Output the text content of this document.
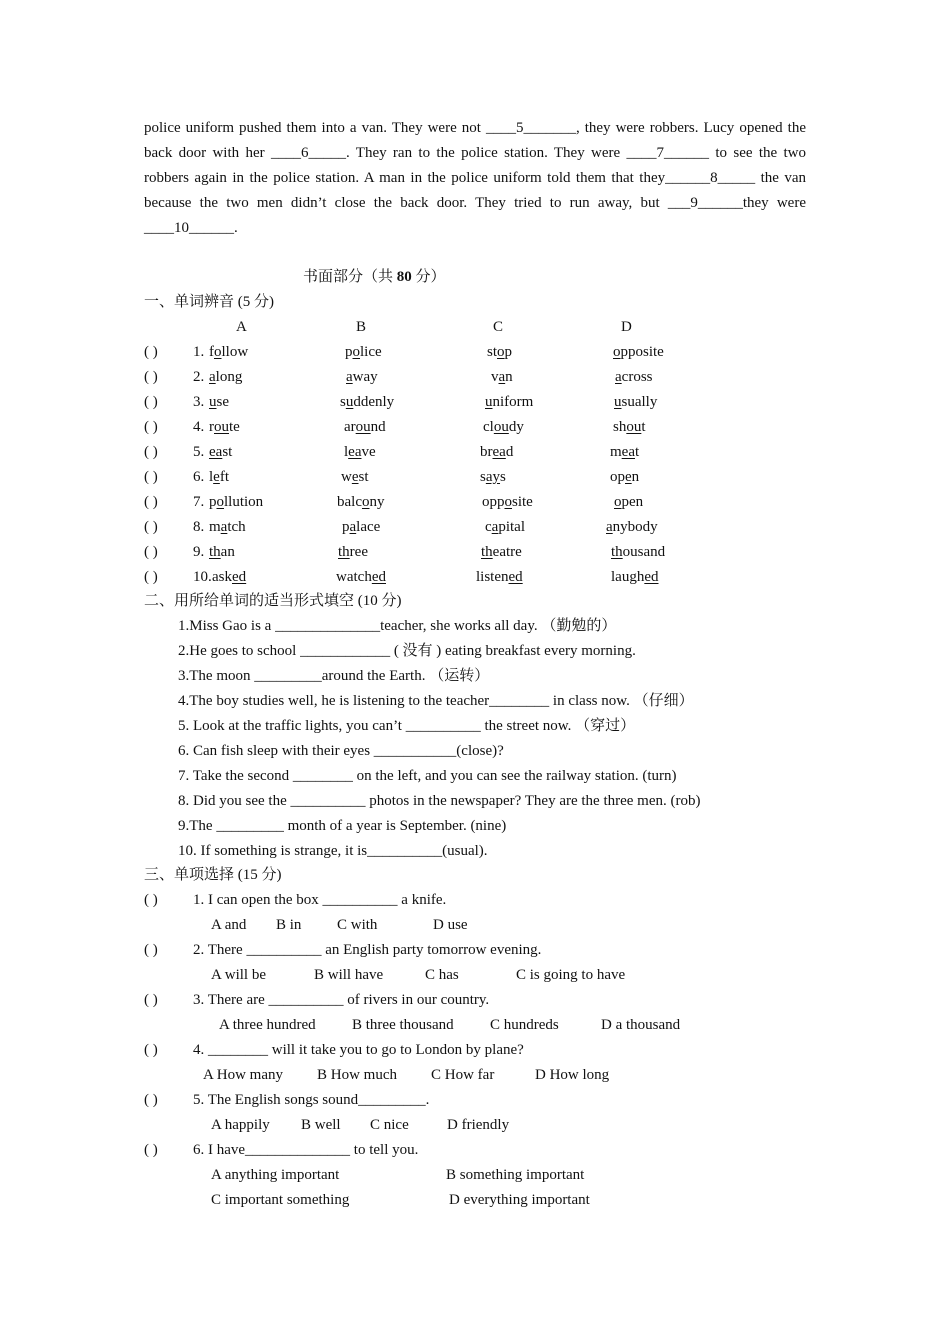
police uniform pushed them into a van. They were not ____5_______, they were robbers. Lucy opened the back door with her ____6_____. They ran to the police station. They were ____7______ to see the two robbers again in the police station. A man in the police uniform told them that they______8_____ the van because the two men didn’t close the back door. They tried to run away, but ___9______they were ____10______.
书面部分（共 80 分）
一、单词辨音 (5 分)
A	B	C	D
( ) 1. follow	police	stop	opposite
( ) 2. along	away	van	across
( ) 3. use	suddenly	uniform	usually
( ) 4. route	around	cloudy	shout
( ) 5. east	leave	bread	meat
( ) 6. left	west	says	open
( ) 7. pollution	balcony	opposite	open
( ) 8. match	palace	capital	anybody
( ) 9. than	three	theatre	thousand
( ) 10. asked	watched	listened	laughed
二、用所给单词的适当形式填空 (10 分)
1.Miss Gao is a ______________teacher, she works all day. （勤勉的）
2.He goes to school ____________ ( 没有 ) eating breakfast every morning.
3.The moon _________around the Earth. （运转）
4.The boy studies well, he is listening to the teacher________ in class now. （仔细）
5. Look at the traffic lights, you can’t __________ the street now. （穿过）
6. Can fish sleep with their eyes ___________(close)?
7. Take the second ________ on the left, and you can see the railway station. (turn)
8. Did you see the __________ photos in the newspaper? They are the three men. (rob)
9.The _________ month of a year is September. (nine)
10. If something is strange, it is__________(usual).
三、单项选择 (15 分)
( ) 1. I can open the box __________ a knife.
A and B in C with	D use
( ) 2. There __________ an English party tomorrow evening.
A will be	B will have	C has	C is going to have
( ) 3. There are __________ of rivers in our country.
A three hundred B three thousand C hundreds	D a thousand
( ) 4. ________ will it take you to go to London by plane?
A How many B How much C How far	D How long
( ) 5. The English songs sound_________.
A happily B well C nice	D friendly
( ) 6. I have______________ to tell you.
A anything important	B something important
C important something	D everything important
